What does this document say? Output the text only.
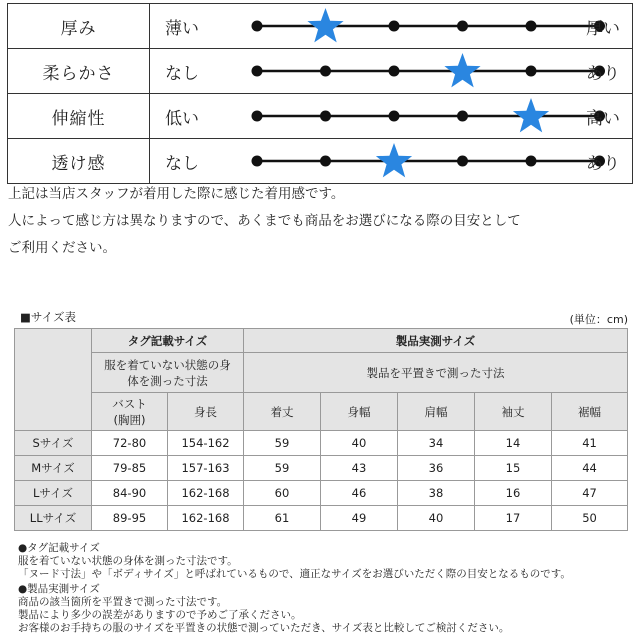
厚み	薄い	厚い
柔らかさ	なし	あり
伸縮性	低い	高い
透け感	なし	あり
上記は当店スタッフが着用した際に感じた着用感です。
人によって感じ方は異なりますので、あくまでも商品をお選びになる際の目安として
ご利用ください。
■サイズ表	(単位：cm)
	タグ記載サイズ		製品実測サイズ				
	服を着ていない状態の身体を測った寸法		製品を平置きで測った寸法				
	バスト(胸囲)	身長	着丈	身幅	肩幅	袖丈	裾幅
Sサイズ	72-80	154-162	59	40	34	14	41
Mサイズ	79-85	157-163	59	43	36	15	44
Lサイズ	84-90	162-168	60	46	38	16	47
LLサイズ	89-95	162-168	61	49	40	17	50
●タグ記載サイズ
服を着ていない状態の身体を測った寸法です。
「ヌード寸法」や「ボディサイズ」と呼ばれているもので、適正なサイズをお選びいただく際の目安となるものです。
●製品実測サイズ
商品の該当箇所を平置きで測った寸法です。
製品により多少の誤差がありますので予めご了承ください。
お客様のお手持ちの服のサイズを平置きの状態で測っていただき、サイズ表と比較してご検討ください。
